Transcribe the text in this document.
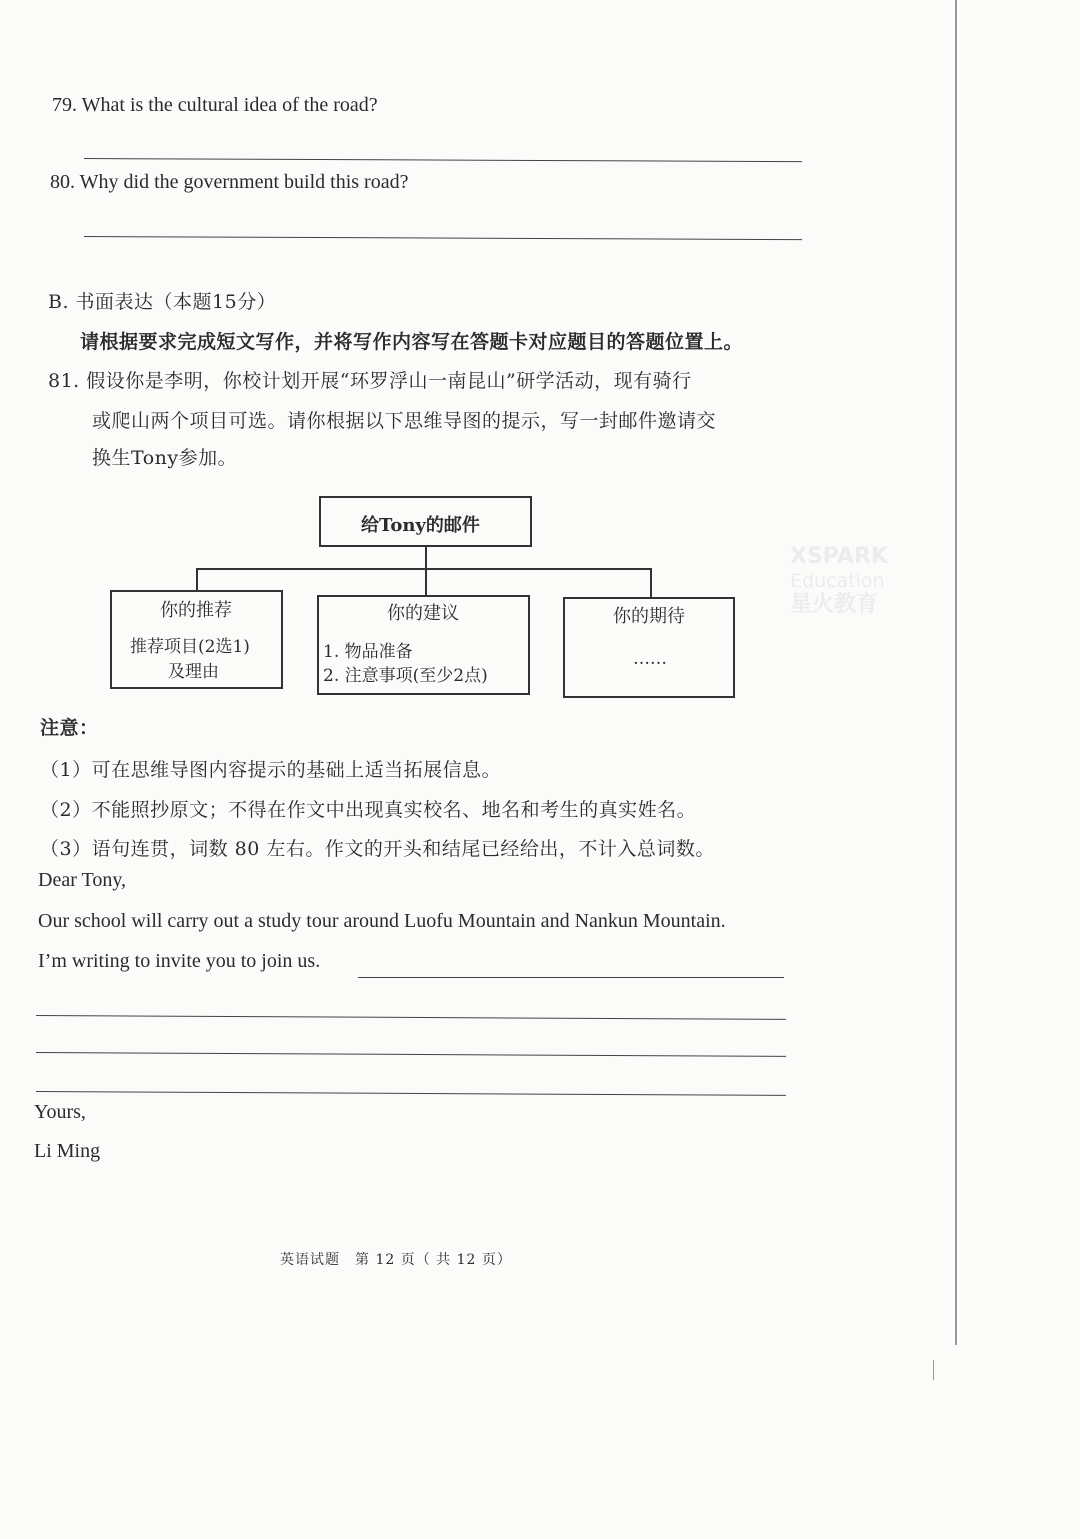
XSPARK
Education
星火教育
79. What is the cultural idea of the road?
80. Why did the government build this road?
B. 书面表达（本题15分）
请根据要求完成短文写作，并将写作内容写在答题卡对应题目的答题位置上。
81. 假设你是李明，你校计划开展“环罗浮山一南昆山”研学活动，现有骑行
或爬山两个项目可选。请你根据以下思维导图的提示，写一封邮件邀请交
换生Tony参加。
给Tony的邮件
你的推荐
推荐项目(2选1)
及理由
你的建议
1. 物品准备
2. 注意事项(至少2点)
你的期待
……
注意：
（1）可在思维导图内容提示的基础上适当拓展信息。
（2）不能照抄原文；不得在作文中出现真实校名、地名和考生的真实姓名。
（3）语句连贯，词数 80 左右。作文的开头和结尾已经给出，不计入总词数。
Dear Tony,
Our school will carry out a study tour around Luofu Mountain and Nankun Mountain.
I’m writing to invite you to join us.
Yours,
Li Ming
英语试题　第 12 页（ 共 12 页）
